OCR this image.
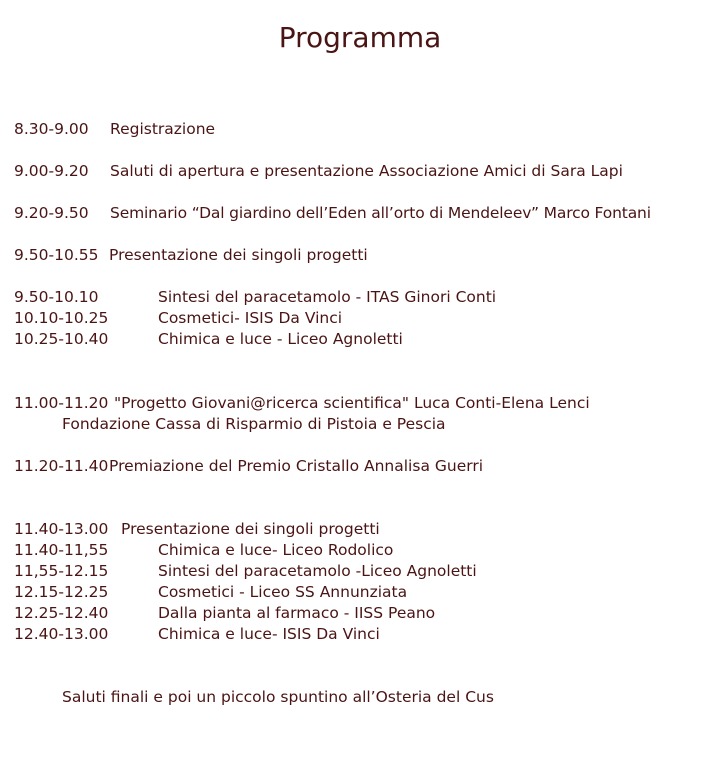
Programma
8.30-9.00 Registrazione
9.00-9.20 Saluti di apertura e presentazione Associazione Amici di Sara Lapi
9.20-9.50 Seminario “Dal giardino dell’Eden all’orto di Mendeleev” Marco Fontani
9.50-10.55 Presentazione dei singoli progetti
9.50-10.10	Sintesi del paracetamolo - ITAS Ginori Conti
10.10-10.25	Cosmetici- ISIS Da Vinci
10.25-10.40	Chimica e luce - Liceo Agnoletti
11.00-11.20 "Progetto Giovani@ricerca scientifica" Luca Conti-Elena Lenci
Fondazione Cassa di Risparmio di Pistoia e Pescia
11.20-11.40Premiazione del Premio Cristallo Annalisa Guerri
11.40-13.00 Presentazione dei singoli progetti
11.40-11,55	Chimica e luce- Liceo Rodolico
11,55-12.15	Sintesi del paracetamolo -Liceo Agnoletti
12.15-12.25	Cosmetici - Liceo SS Annunziata
12.25-12.40	Dalla pianta al farmaco - IISS Peano
12.40-13.00	Chimica e luce- ISIS Da Vinci
Saluti finali e poi un piccolo spuntino all’Osteria del Cus
